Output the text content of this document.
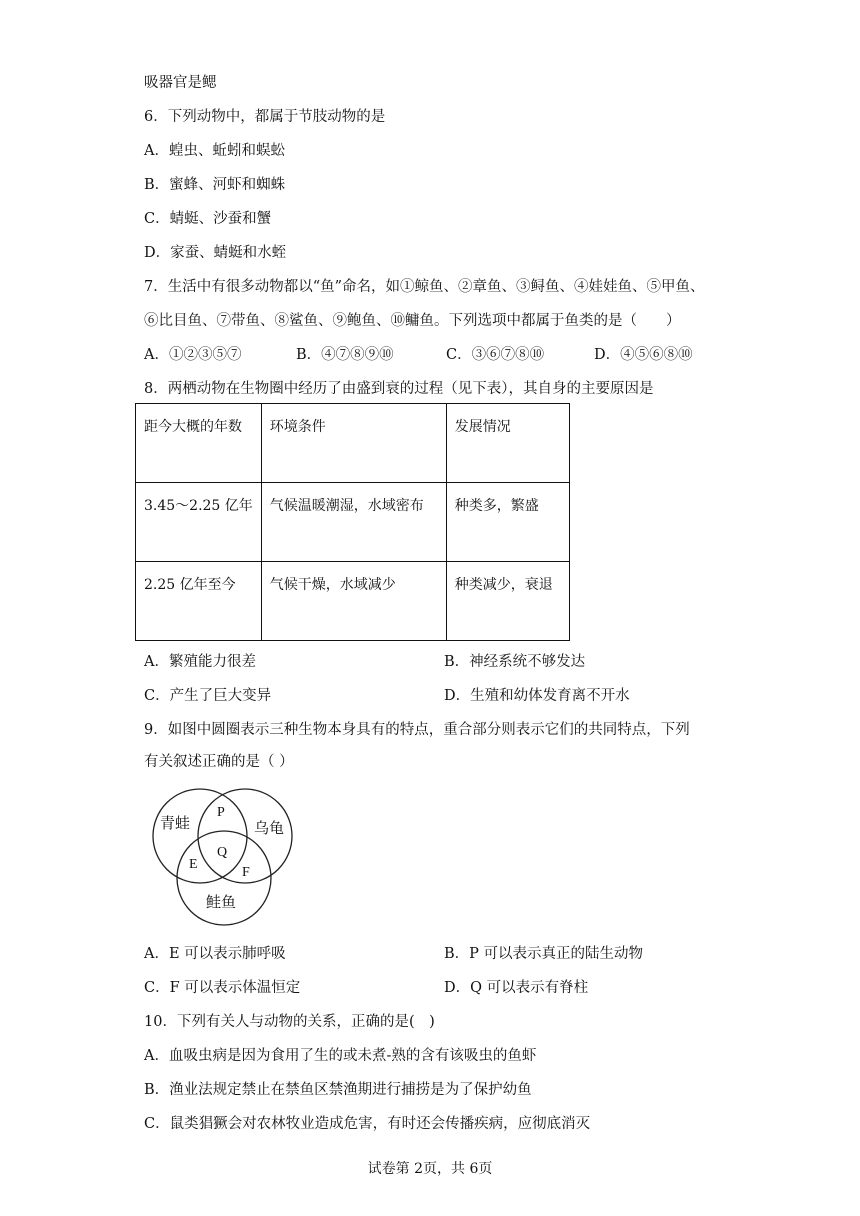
吸器官是鳃
6．下列动物中，都属于节肢动物的是
A．蝗虫、蚯蚓和蜈蚣
B．蜜蜂、河虾和蜘蛛
C．蜻蜓、沙蚕和蟹
D．家蚕、蜻蜓和水蛭
7．生活中有很多动物都以“鱼”命名，如①鲸鱼、②章鱼、③鲟鱼、④娃娃鱼、⑤甲鱼、
⑥比目鱼、⑦带鱼、⑧鲨鱼、⑨鲍鱼、⑩鳙鱼。下列选项中都属于鱼类的是（　　）
A．①②③⑤⑦	B．④⑦⑧⑨⑩	C．③⑥⑦⑧⑩	D．④⑤⑥⑧⑩
8．两栖动物在生物圈中经历了由盛到衰的过程（见下表），其自身的主要原因是
距今大概的年数	环境条件	发展情况
3.45～2.25 亿年	气候温暖潮湿，水域密布	种类多，繁盛
2.25 亿年至今	气候干燥，水域减少	种类减少，衰退
A．繁殖能力很差	B．神经系统不够发达
C．产生了巨大变异	D．生殖和幼体发育离不开水
9．如图中圆圈表示三种生物本身具有的特点，重合部分则表示它们的共同特点，下列
有关叙述正确的是（ ）
青蛙	乌龟
鲑鱼
P
Q
E
F
A．E 可以表示肺呼吸	B．P 可以表示真正的陆生动物
C．F 可以表示体温恒定	D．Q 可以表示有脊柱
10．下列有关人与动物的关系，正确的是(　)
A．血吸虫病是因为食用了生的或未煮-熟的含有该吸虫的鱼虾
B．渔业法规定禁止在禁鱼区禁渔期进行捕捞是为了保护幼鱼
C．鼠类猖獗会对农林牧业造成危害，有时还会传播疾病，应彻底消灭
试卷第 2页，共 6页
